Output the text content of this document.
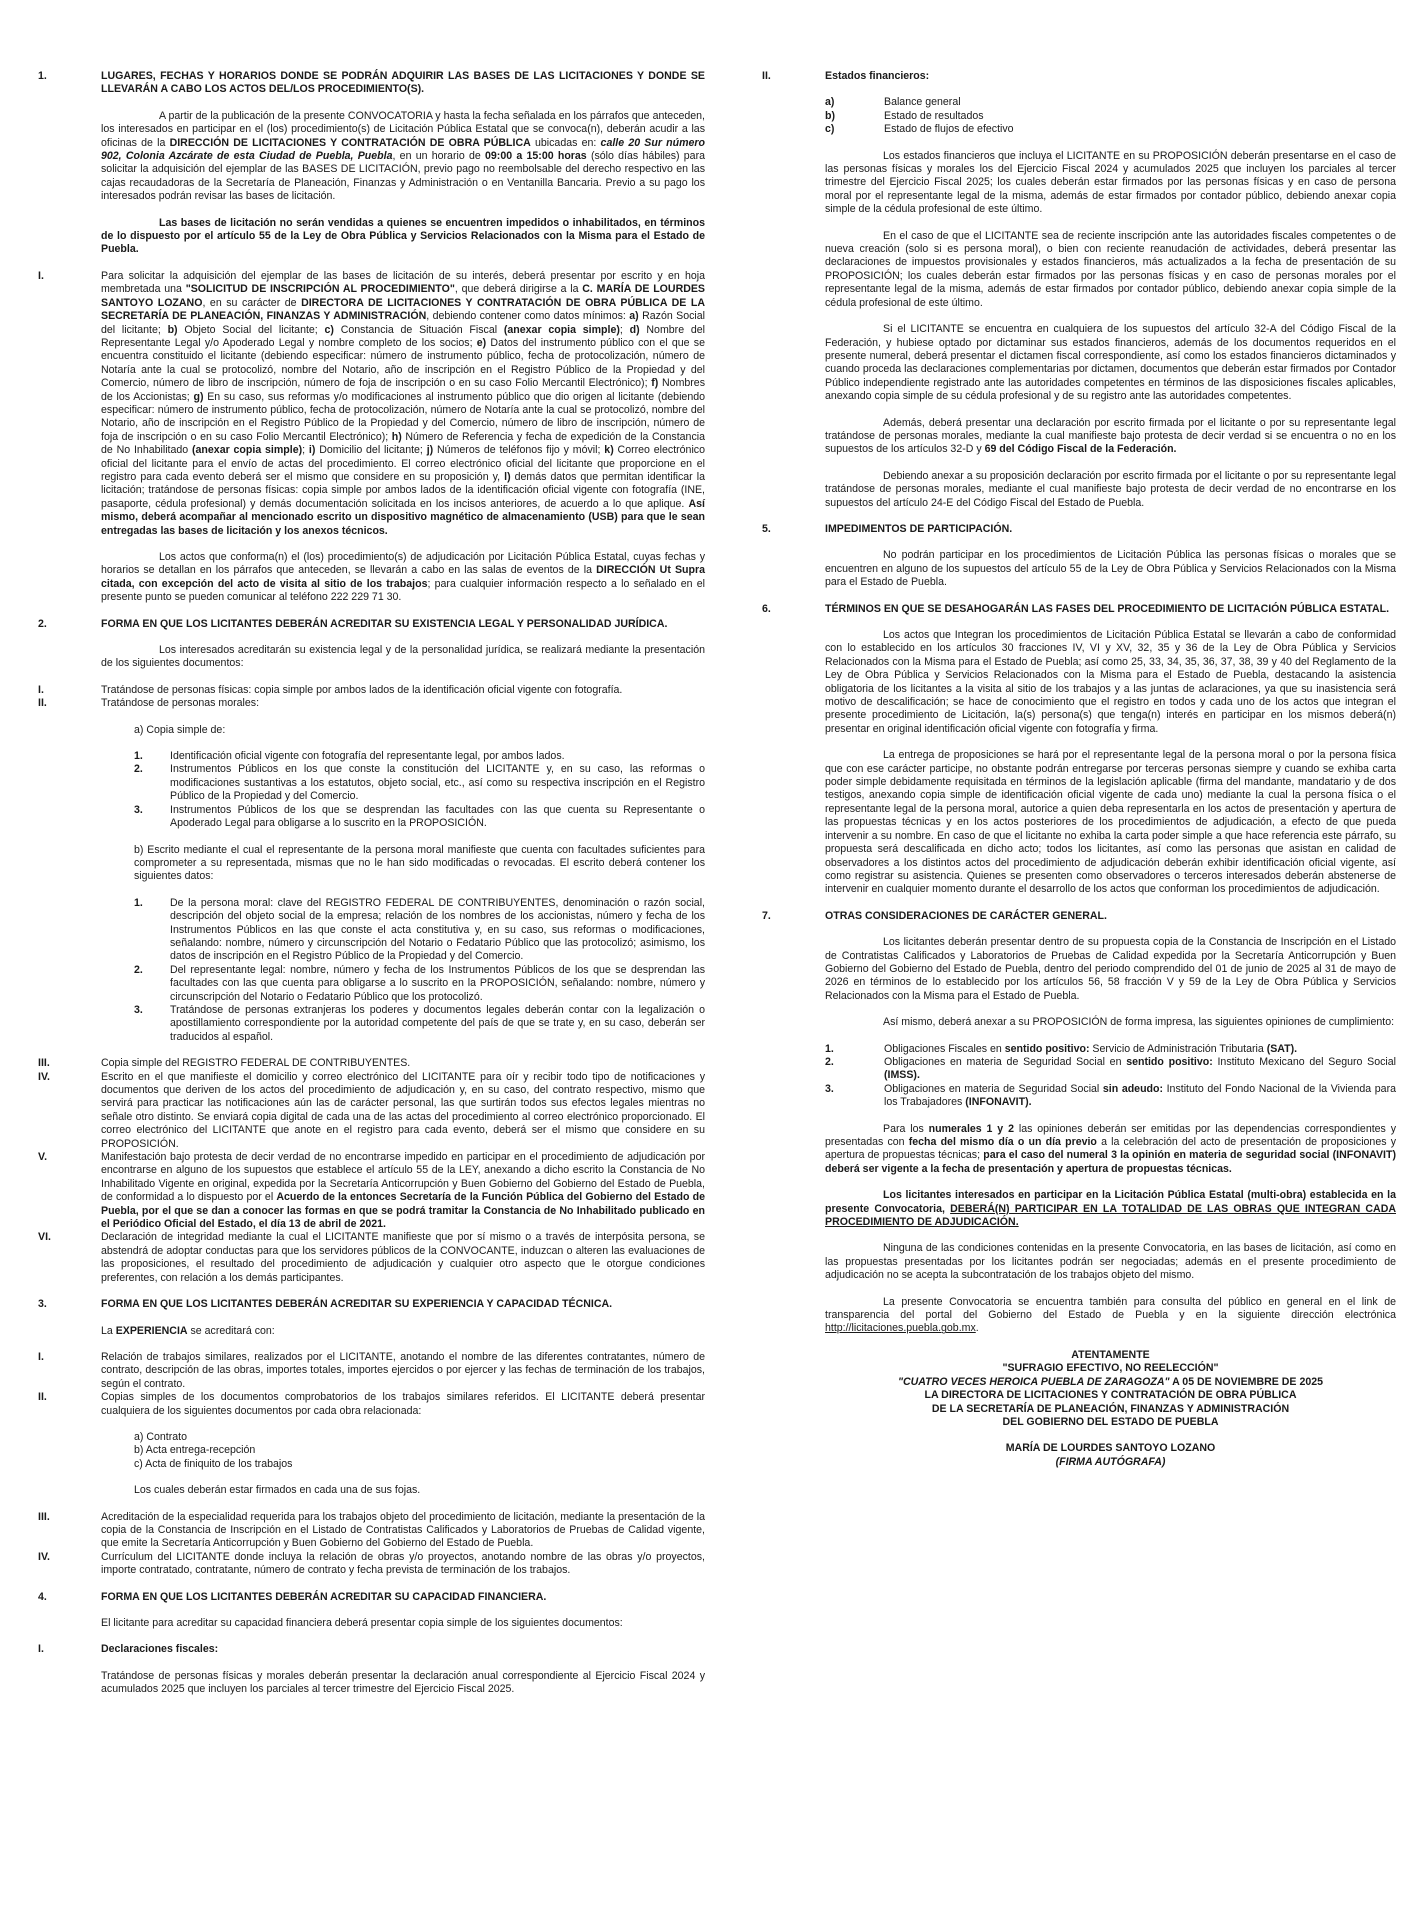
1.	LUGARES, FECHAS Y HORARIOS DONDE SE PODRÁN ADQUIRIR LAS BASES DE LAS LICITACIONES Y DONDE SE LLEVARÁN A CABO LOS ACTOS DEL/LOS PROCEDIMIENTO(S).

A partir de la publicación de la presente CONVOCATORIA y hasta la fecha señalada en los párrafos que anteceden, los interesados en participar en el (los) procedimiento(s) de Licitación Pública Estatal que se convoca(n), deberán acudir a las oficinas de la DIRECCIÓN DE LICITACIONES Y CONTRATACIÓN DE OBRA PÚBLICA ubicadas en: calle 20 Sur número 902, Colonia Azcárate de esta Ciudad de Puebla, Puebla, en un horario de 09:00 a 15:00 horas (sólo días hábiles) para solicitar la adquisición del ejemplar de las BASES DE LICITACIÓN, previo pago no reembolsable del derecho respectivo en las cajas recaudadoras de la Secretaría de Planeación, Finanzas y Administración o en Ventanilla Bancaria. Previo a su pago los interesados podrán revisar las bases de licitación.

Las bases de licitación no serán vendidas a quienes se encuentren impedidos o inhabilitados, en términos de lo dispuesto por el artículo 55 de la Ley de Obra Pública y Servicios Relacionados con la Misma para el Estado de Puebla.

I.	Para solicitar la adquisición del ejemplar de las bases de licitación de su interés, deberá presentar por escrito y en hoja membretada una "SOLICITUD DE INSCRIPCIÓN AL PROCEDIMIENTO", que deberá dirigirse a la C. MARÍA DE LOURDES SANTOYO LOZANO, en su carácter de DIRECTORA DE LICITACIONES Y CONTRATACIÓN DE OBRA PÚBLICA DE LA SECRETARÍA DE PLANEACIÓN, FINANZAS Y ADMINISTRACIÓN, debiendo contener como datos mínimos: a) Razón Social del licitante; b) Objeto Social del licitante; c) Constancia de Situación Fiscal (anexar copia simple); d) Nombre del Representante Legal y/o Apoderado Legal y nombre completo de los socios; e) Datos del instrumento público con el que se encuentra constituido el licitante (debiendo especificar: número de instrumento público, fecha de protocolización, número de Notaría ante la cual se protocolizó, nombre del Notario, año de inscripción en el Registro Público de la Propiedad y del Comercio, número de libro de inscripción, número de foja de inscripción o en su caso Folio Mercantil Electrónico); f) Nombres de los Accionistas; g) En su caso, sus reformas y/o modificaciones al instrumento público que dio origen al licitante (debiendo especificar: número de instrumento público, fecha de protocolización, número de Notaría ante la cual se protocolizó, nombre del Notario, año de inscripción en el Registro Público de la Propiedad y del Comercio, número de libro de inscripción, número de foja de inscripción o en su caso Folio Mercantil Electrónico); h) Número de Referencia y fecha de expedición de la Constancia de No Inhabilitado (anexar copia simple); i) Domicilio del licitante; j) Números de teléfonos fijo y móvil; k) Correo electrónico oficial del licitante para el envío de actas del procedimiento. El correo electrónico oficial del licitante que proporcione en el registro para cada evento deberá ser el mismo que considere en su proposición y, l) demás datos que permitan identificar la licitación; tratándose de personas físicas: copia simple por ambos lados de la identificación oficial vigente con fotografía (INE, pasaporte, cédula profesional) y demás documentación solicitada en los incisos anteriores, de acuerdo a lo que aplique. Así mismo, deberá acompañar al mencionado escrito un dispositivo magnético de almacenamiento (USB) para que le sean entregadas las bases de licitación y los anexos técnicos.

Los actos que conforma(n) el (los) procedimiento(s) de adjudicación por Licitación Pública Estatal, cuyas fechas y horarios se detallan en los párrafos que anteceden, se llevarán a cabo en las salas de eventos de la DIRECCIÓN Ut Supra citada, con excepción del acto de visita al sitio de los trabajos; para cualquier información respecto a lo señalado en el presente punto se pueden comunicar al teléfono 222 229 71 30.

2.	FORMA EN QUE LOS LICITANTES DEBERÁN ACREDITAR SU EXISTENCIA LEGAL Y PERSONALIDAD JURÍDICA.

Los interesados acreditarán su existencia legal y de la personalidad jurídica, se realizará mediante la presentación de los siguientes documentos:

I.	Tratándose de personas físicas: copia simple por ambos lados de la identificación oficial vigente con fotografía.
II.	Tratándose de personas morales:

a) Copia simple de:

1.	Identificación oficial vigente con fotografía del representante legal, por ambos lados.
2.	Instrumentos Públicos en los que conste la constitución del LICITANTE y, en su caso, las reformas o modificaciones sustantivas a los estatutos, objeto social, etc., así como su respectiva inscripción en el Registro Público de la Propiedad y del Comercio.
3.	Instrumentos Públicos de los que se desprendan las facultades con las que cuenta su Representante o Apoderado Legal para obligarse a lo suscrito en la PROPOSICIÓN.

b) Escrito mediante el cual el representante de la persona moral manifieste que cuenta con facultades suficientes para comprometer a su representada, mismas que no le han sido modificadas o revocadas. El escrito deberá contener los siguientes datos:

1.	De la persona moral: clave del REGISTRO FEDERAL DE CONTRIBUYENTES, denominación o razón social, descripción del objeto social de la empresa; relación de los nombres de los accionistas, número y fecha de los Instrumentos Públicos en las que conste el acta constitutiva y, en su caso, sus reformas o modificaciones, señalando: nombre, número y circunscripción del Notario o Fedatario Público que las protocolizó; asimismo, los datos de inscripción en el Registro Público de la Propiedad y del Comercio.
2.	Del representante legal: nombre, número y fecha de los Instrumentos Públicos de los que se desprendan las facultades con las que cuenta para obligarse a lo suscrito en la PROPOSICIÓN, señalando: nombre, número y circunscripción del Notario o Fedatario Público que los protocolizó.
3.	Tratándose de personas extranjeras los poderes y documentos legales deberán contar con la legalización o apostillamiento correspondiente por la autoridad competente del país de que se trate y, en su caso, deberán ser traducidos al español.
III.	Copia simple del REGISTRO FEDERAL DE CONTRIBUYENTES.
IV.	Escrito en el que manifieste el domicilio y correo electrónico del LICITANTE para oír y recibir todo tipo de notificaciones y documentos que deriven de los actos del procedimiento de adjudicación y, en su caso, del contrato respectivo, mismo que servirá para practicar las notificaciones aún las de carácter personal, las que surtirán todos sus efectos legales mientras no señale otro distinto. Se enviará copia digital de cada una de las actas del procedimiento al correo electrónico proporcionado. El correo electrónico del LICITANTE que anote en el registro para cada evento, deberá ser el mismo que considere en su PROPOSICIÓN.
V.	Manifestación bajo protesta de decir verdad de no encontrarse impedido en participar en el procedimiento de adjudicación por encontrarse en alguno de los supuestos que establece el artículo 55 de la LEY, anexando a dicho escrito la Constancia de No Inhabilitado Vigente en original, expedida por la Secretaría Anticorrupción y Buen Gobierno del Gobierno del Estado de Puebla, de conformidad a lo dispuesto por el Acuerdo de la entonces Secretaría de la Función Pública del Gobierno del Estado de Puebla, por el que se dan a conocer las formas en que se podrá tramitar la Constancia de No Inhabilitado publicado en el Periódico Oficial del Estado, el día 13 de abril de 2021.
VI.	Declaración de integridad mediante la cual el LICITANTE manifieste que por sí mismo o a través de interpósita persona, se abstendrá de adoptar conductas para que los servidores públicos de la CONVOCANTE, induzcan o alteren las evaluaciones de las proposiciones, el resultado del procedimiento de adjudicación y cualquier otro aspecto que le otorgue condiciones preferentes, con relación a los demás participantes.
3.	FORMA EN QUE LOS LICITANTES DEBERÁN ACREDITAR SU EXPERIENCIA Y CAPACIDAD TÉCNICA.

La EXPERIENCIA se acreditará con:

I.	Relación de trabajos similares, realizados por el LICITANTE, anotando el nombre de las diferentes contratantes, número de contrato, descripción de las obras, importes totales, importes ejercidos o por ejercer y las fechas de terminación de los trabajos, según el contrato.
II.	Copias simples de los documentos comprobatorios de los trabajos similares referidos. El LICITANTE deberá presentar cualquiera de los siguientes documentos por cada obra relacionada:

a) Contrato

b) Acta entrega-recepción

c) Acta de finiquito de los trabajos

Los cuales deberán estar firmados en cada una de sus fojas.

III.	Acreditación de la especialidad requerida para los trabajos objeto del procedimiento de licitación, mediante la presentación de la copia de la Constancia de Inscripción en el Listado de Contratistas Calificados y Laboratorios de Pruebas de Calidad vigente, que emite la Secretaría Anticorrupción y Buen Gobierno del Gobierno del Estado de Puebla.
IV.	Currículum del LICITANTE donde incluya la relación de obras y/o proyectos, anotando nombre de las obras y/o proyectos, importe contratado, contratante, número de contrato y fecha prevista de terminación de los trabajos.
4.	FORMA EN QUE LOS LICITANTES DEBERÁN ACREDITAR SU CAPACIDAD FINANCIERA.

El licitante para acreditar su capacidad financiera deberá presentar copia simple de los siguientes documentos:

I.	Declaraciones fiscales:

Tratándose de personas físicas y morales deberán presentar la declaración anual correspondiente al Ejercicio Fiscal 2024 y acumulados 2025 que incluyen los parciales al tercer trimestre del Ejercicio Fiscal 2025.

II.	Estados financieros:
a)	Balance general
b)	Estado de resultados
c)	Estado de flujos de efectivo

Los estados financieros que incluya el LICITANTE en su PROPOSICIÓN deberán presentarse en el caso de las personas físicas y morales los del Ejercicio Fiscal 2024 y acumulados 2025 que incluyen los parciales al tercer trimestre del Ejercicio Fiscal 2025; los cuales deberán estar firmados por las personas físicas y en caso de persona moral por el representante legal de la misma, además de estar firmados por contador público, debiendo anexar copia simple de la cédula profesional de este último.

En el caso de que el LICITANTE sea de reciente inscripción ante las autoridades fiscales competentes o de nueva creación (solo si es persona moral), o bien con reciente reanudación de actividades, deberá presentar las declaraciones de impuestos provisionales y estados financieros, más actualizados a la fecha de presentación de su PROPOSICIÓN; los cuales deberán estar firmados por las personas físicas y en caso de personas morales por el representante legal de la misma, además de estar firmados por contador público, debiendo anexar copia simple de la cédula profesional de este último.

Si el LICITANTE se encuentra en cualquiera de los supuestos del artículo 32-A del Código Fiscal de la Federación, y hubiese optado por dictaminar sus estados financieros, además de los documentos requeridos en el presente numeral, deberá presentar el dictamen fiscal correspondiente, así como los estados financieros dictaminados y cuando proceda las declaraciones complementarias por dictamen, documentos que deberán estar firmados por Contador Público independiente registrado ante las autoridades competentes en términos de las disposiciones fiscales aplicables, anexando copia simple de su cédula profesional y de su registro ante las autoridades competentes.

Además, deberá presentar una declaración por escrito firmada por el licitante o por su representante legal tratándose de personas morales, mediante la cual manifieste bajo protesta de decir verdad si se encuentra o no en los supuestos de los artículos 32-D y 69 del Código Fiscal de la Federación.

Debiendo anexar a su proposición declaración por escrito firmada por el licitante o por su representante legal tratándose de personas morales, mediante el cual manifieste bajo protesta de decir verdad de no encontrarse en los supuestos del artículo 24-E del Código Fiscal del Estado de Puebla.

5.	IMPEDIMENTOS DE PARTICIPACIÓN.

No podrán participar en los procedimientos de Licitación Pública las personas físicas o morales que se encuentren en alguno de los supuestos del artículo 55 de la Ley de Obra Pública y Servicios Relacionados con la Misma para el Estado de Puebla.

6.	TÉRMINOS EN QUE SE DESAHOGARÁN LAS FASES DEL PROCEDIMIENTO DE LICITACIÓN PÚBLICA ESTATAL.

Los actos que Integran los procedimientos de Licitación Pública Estatal se llevarán a cabo de conformidad con lo establecido en los artículos 30 fracciones IV, VI y XV, 32, 35 y 36 de la Ley de Obra Pública y Servicios Relacionados con la Misma para el Estado de Puebla; así como 25, 33, 34, 35, 36, 37, 38, 39 y 40 del Reglamento de la Ley de Obra Pública y Servicios Relacionados con la Misma para el Estado de Puebla, destacando la asistencia obligatoria de los licitantes a la visita al sitio de los trabajos y a las juntas de aclaraciones, ya que su inasistencia será motivo de descalificación; se hace de conocimiento que el registro en todos y cada uno de los actos que integran el presente procedimiento de Licitación, la(s) persona(s) que tenga(n) interés en participar en los mismos deberá(n) presentar en original identificación oficial vigente con fotografía y firma.

La entrega de proposiciones se hará por el representante legal de la persona moral o por la persona física que con ese carácter participe, no obstante podrán entregarse por terceras personas siempre y cuando se exhiba carta poder simple debidamente requisitada en términos de la legislación aplicable (firma del mandante, mandatario y de dos testigos, anexando copia simple de identificación oficial vigente de cada uno) mediante la cual la persona física o el representante legal de la persona moral, autorice a quien deba representarla en los actos de presentación y apertura de las propuestas técnicas y en los actos posteriores de los procedimientos de adjudicación, a efecto de que pueda intervenir a su nombre. En caso de que el licitante no exhiba la carta poder simple a que hace referencia este párrafo, su propuesta será descalificada en dicho acto; todos los licitantes, así como las personas que asistan en calidad de observadores a los distintos actos del procedimiento de adjudicación deberán exhibir identificación oficial vigente, así como registrar su asistencia. Quienes se presenten como observadores o terceros interesados deberán abstenerse de intervenir en cualquier momento durante el desarrollo de los actos que conforman los procedimientos de adjudicación.

7.	OTRAS CONSIDERACIONES DE CARÁCTER GENERAL.

Los licitantes deberán presentar dentro de su propuesta copia de la Constancia de Inscripción en el Listado de Contratistas Calificados y Laboratorios de Pruebas de Calidad expedida por la Secretaría Anticorrupción y Buen Gobierno del Gobierno del Estado de Puebla, dentro del periodo comprendido del 01 de junio de 2025 al 31 de mayo de 2026 en términos de lo establecido por los artículos 56, 58 fracción V y 59 de la Ley de Obra Pública y Servicios Relacionados con la Misma para el Estado de Puebla.

Así mismo, deberá anexar a su PROPOSICIÓN de forma impresa, las siguientes opiniones de cumplimiento:

1.	Obligaciones Fiscales en sentido positivo: Servicio de Administración Tributaria (SAT).
2.	Obligaciones en materia de Seguridad Social en sentido positivo: Instituto Mexicano del Seguro Social (IMSS).
3.	Obligaciones en materia de Seguridad Social sin adeudo: Instituto del Fondo Nacional de la Vivienda para los Trabajadores (INFONAVIT).

Para los numerales 1 y 2 las opiniones deberán ser emitidas por las dependencias correspondientes y presentadas con fecha del mismo día o un día previo a la celebración del acto de presentación de proposiciones y apertura de propuestas técnicas; para el caso del numeral 3 la opinión en materia de seguridad social (INFONAVIT) deberá ser vigente a la fecha de presentación y apertura de propuestas técnicas.

Los licitantes interesados en participar en la Licitación Pública Estatal (multi-obra) establecida en la presente Convocatoria, DEBERÁ(N) PARTICIPAR EN LA TOTALIDAD DE LAS OBRAS QUE INTEGRAN CADA PROCEDIMIENTO DE ADJUDICACIÓN.

Ninguna de las condiciones contenidas en la presente Convocatoria, en las bases de licitación, así como en las propuestas presentadas por los licitantes podrán ser negociadas; además en el presente procedimiento de adjudicación no se acepta la subcontratación de los trabajos objeto del mismo.

La presente Convocatoria se encuentra también para consulta del público en general en el link de transparencia del portal del Gobierno del Estado de Puebla y en la siguiente dirección electrónica http://licitaciones.puebla.gob.mx.

ATENTAMENTE

"SUFRAGIO EFECTIVO, NO REELECCIÓN"

"CUATRO VECES HEROICA PUEBLA DE ZARAGOZA" A 05 DE NOVIEMBRE DE 2025

LA DIRECTORA DE LICITACIONES Y CONTRATACIÓN DE OBRA PÚBLICA

DE LA SECRETARÍA DE PLANEACIÓN, FINANZAS Y ADMINISTRACIÓN

DEL GOBIERNO DEL ESTADO DE PUEBLA

MARÍA DE LOURDES SANTOYO LOZANO

(FIRMA AUTÓGRAFA)
